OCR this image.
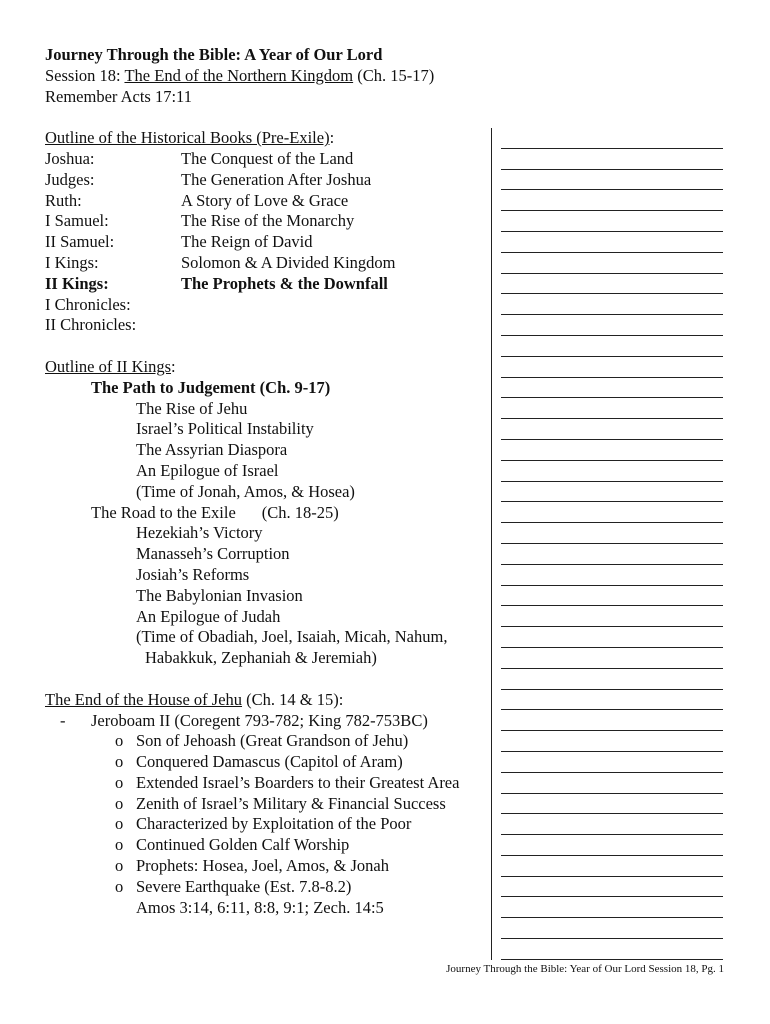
Journey Through the Bible: A Year of Our Lord
Session 18: The End of the Northern Kingdom (Ch. 15-17)
Remember Acts 17:11
Outline of the Historical Books (Pre-Exile):
Joshua:	The Conquest of the Land
Judges:	The Generation After Joshua
Ruth:	A Story of Love & Grace
I Samuel:	The Rise of the Monarchy
II Samuel:	The Reign of David
I Kings:	Solomon & A Divided Kingdom
II Kings:	The Prophets & the Downfall
I Chronicles:
II Chronicles:
Outline of II Kings:
The Path to Judgement (Ch. 9-17)
The Rise of Jehu
Israel’s Political Instability
The Assyrian Diaspora
An Epilogue of Israel
(Time of Jonah, Amos, & Hosea)
The Road to the Exile (Ch. 18-25)
Hezekiah’s Victory
Manasseh’s Corruption
Josiah’s Reforms
The Babylonian Invasion
An Epilogue of Judah
(Time of Obadiah, Joel, Isaiah, Micah, Nahum,
Habakkuk, Zephaniah & Jeremiah)
The End of the House of Jehu (Ch. 14 & 15):
- Jeroboam II (Coregent 793-782; King 782-753BC)
o Son of Jehoash (Great Grandson of Jehu)
o Conquered Damascus (Capitol of Aram)
o Extended Israel’s Boarders to their Greatest Area
o Zenith of Israel’s Military & Financial Success
o Characterized by Exploitation of the Poor
o Continued Golden Calf Worship
o Prophets: Hosea, Joel, Amos, & Jonah
o Severe Earthquake (Est. 7.8-8.2)
Amos 3:14, 6:11, 8:8, 9:1; Zech. 14:5
Journey Through the Bible: Year of Our Lord Session 18, Pg. 1
